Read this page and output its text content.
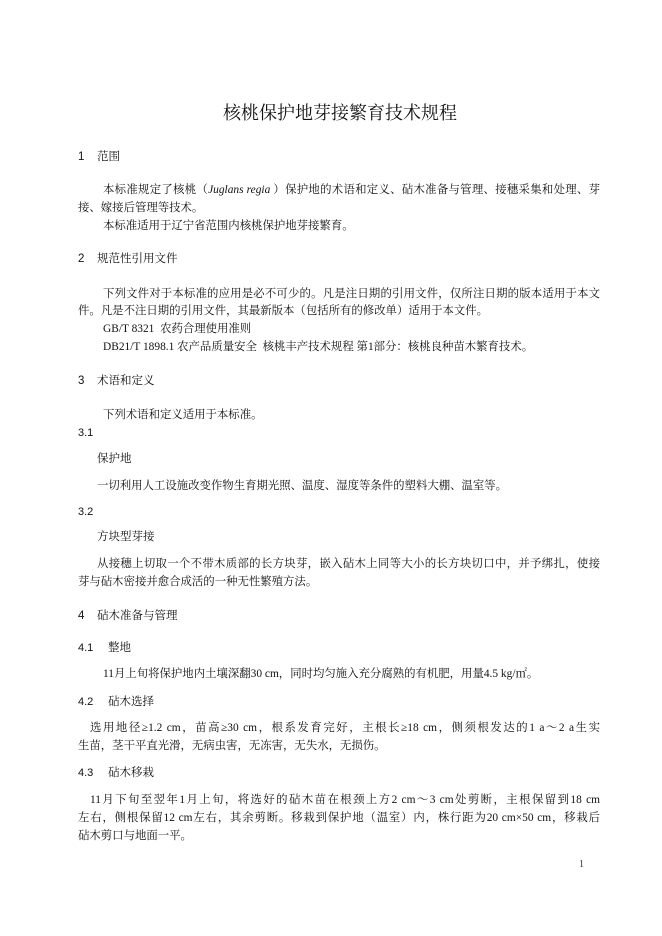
核桃保护地芽接繁育技术规程
1 范围
本标准规定了核桃（Juglans regia ）保护地的术语和定义、砧木准备与管理、接穗采集和处理、芽
接、嫁接后管理等技术。
本标准适用于辽宁省范围内核桃保护地芽接繁育。
2 规范性引用文件
下列文件对于本标准的应用是必不可少的。凡是注日期的引用文件，仅所注日期的版本适用于本文
件。凡是不注日期的引用文件，其最新版本（包括所有的修改单）适用于本文件。
GB/T 8321  农药合理使用准则
DB21/T 1898.1 农产品质量安全  核桃丰产技术规程 第1部分：核桃良种苗木繁育技术。
3 术语和定义
下列术语和定义适用于本标准。
3.1
保护地
一切利用人工设施改变作物生育期光照、温度、湿度等条件的塑料大棚、温室等。
3.2
方块型芽接
从接穗上切取一个不带木质部的长方块芽，嵌入砧木上同等大小的长方块切口中，并予绑扎，使接
芽与砧木密接并愈合成活的一种无性繁殖方法。
4 砧木准备与管理
4.1 整地
11月上旬将保护地内土壤深翻30 cm，同时均匀施入充分腐熟的有机肥，用量4.5 kg/㎡。
4.2 砧木选择
选用地径≥1.2 cm，苗高≥30 cm，根系发育完好，主根长≥18 cm，侧须根发达的1 a～2 a生实
生苗，茎干平直光滑，无病虫害，无冻害，无失水，无损伤。
4.3 砧木移栽
11月下旬至翌年1月上旬，将选好的砧木苗在根颈上方2 cm～3 cm处剪断，主根保留到18 cm
左右，侧根保留12 cm左右，其余剪断。移栽到保护地（温室）内，株行距为20 cm×50 cm，移栽后
砧木剪口与地面一平。
1
